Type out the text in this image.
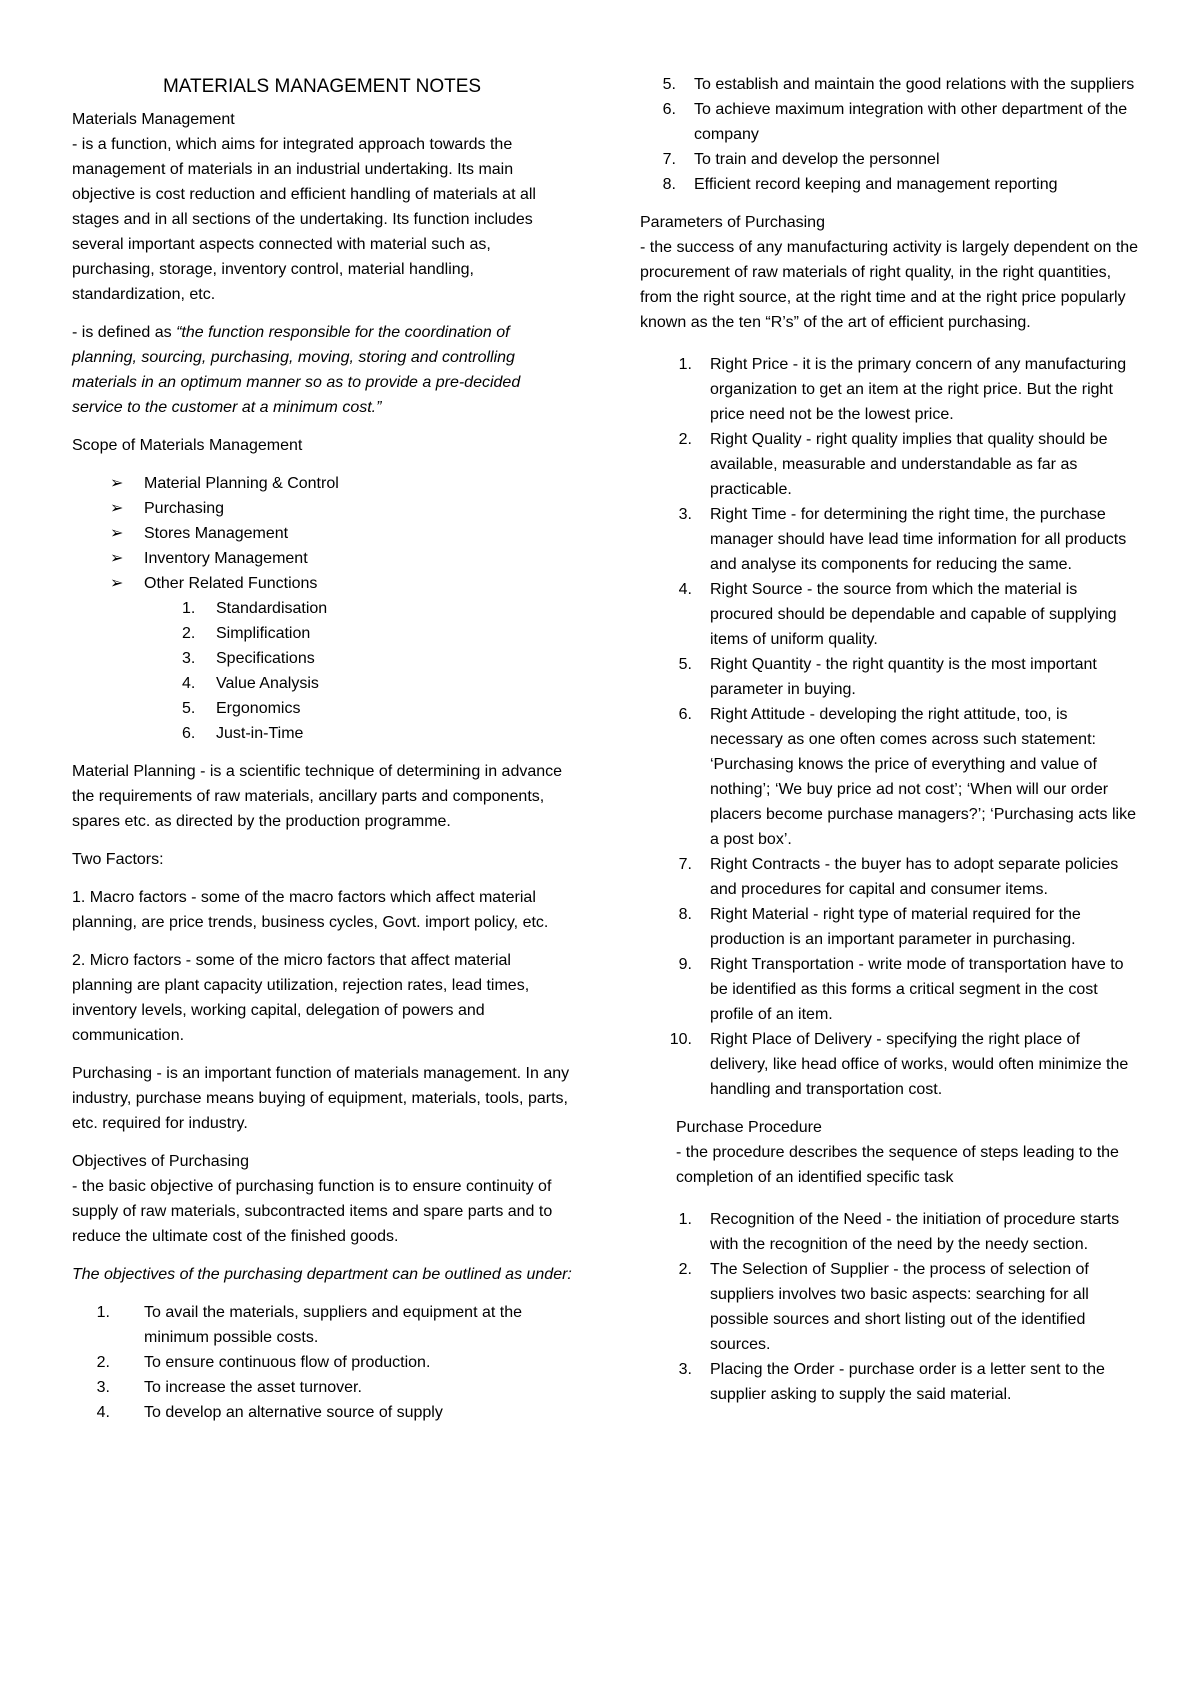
MATERIALS MANAGEMENT NOTES

Materials Management

- is a function, which aims for integrated approach towards the management of materials in an industrial undertaking. Its main objective is cost reduction and efficient handling of materials at all stages and in all sections of the undertaking. Its function includes several important aspects connected with material such as, purchasing, storage, inventory control, material handling, standardization, etc.

- is defined as “the function responsible for the coordination of planning, sourcing, purchasing, moving, storing and controlling materials in an optimum manner so as to provide a pre-decided service to the customer at a minimum cost.”

Scope of Materials Management

➢	Material Planning & Control
➢	Purchasing
➢	Stores Management
➢	Inventory Management
➢	Other Related Functions
1.	Standardisation
2.	Simplification
3.	Specifications
4.	Value Analysis
5.	Ergonomics
6.	Just-in-Time

Material Planning - is a scientific technique of determining in advance the requirements of raw materials, ancillary parts and components, spares etc. as directed by the production programme.

Two Factors:

1. Macro factors - some of the macro factors which affect material planning, are price trends, business cycles, Govt. import policy, etc.

2. Micro factors - some of the micro factors that affect material planning are plant capacity utilization, rejection rates, lead times, inventory levels, working capital, delegation of powers and communication.

Purchasing - is an important function of materials management. In any industry, purchase means buying of equipment, materials, tools, parts, etc. required for industry.

Objectives of Purchasing

- the basic objective of purchasing function is to ensure continuity of supply of raw materials, subcontracted items and spare parts and to reduce the ultimate cost of the finished goods.

The objectives of the purchasing department can be outlined as under:

1.	To avail the materials, suppliers and equipment at the minimum possible costs.
2.	To ensure continuous flow of production.
3.	To increase the asset turnover.
4.	To develop an alternative source of supply
5.	To establish and maintain the good relations with the suppliers
6.	To achieve maximum integration with other department of the company
7.	To train and develop the personnel
8.	Efficient record keeping and management reporting

Parameters of Purchasing

- the success of any manufacturing activity is largely dependent on the procurement of raw materials of right quality, in the right quantities, from the right source, at the right time and at the right price popularly known as the ten “R’s” of the art of efficient purchasing.

1.	Right Price - it is the primary concern of any manufacturing organization to get an item at the right price. But the right price need not be the lowest price.
2.	Right Quality - right quality implies that quality should be available, measurable and understandable as far as practicable.
3.	Right Time - for determining the right time, the purchase manager should have lead time information for all products and analyse its components for reducing the same.
4.	Right Source - the source from which the material is procured should be dependable and capable of supplying items of uniform quality.
5.	Right Quantity - the right quantity is the most important parameter in buying.
6.	Right Attitude - developing the right attitude, too, is necessary as one often comes across such statement: ‘Purchasing knows the price of everything and value of nothing’; ‘We buy price ad not cost’; ‘When will our order placers become purchase managers?’; ‘Purchasing acts like a post box’.
7.	Right Contracts - the buyer has to adopt separate policies and procedures for capital and consumer items.
8.	Right Material - right type of material required for the production is an important parameter in purchasing.
9.	Right Transportation - write mode of transportation have to be identified as this forms a critical segment in the cost profile of an item.
10.	Right Place of Delivery - specifying the right place of delivery, like head office of works, would often minimize the handling and transportation cost.

Purchase Procedure

- the procedure describes the sequence of steps leading to the completion of an identified specific task

1.	Recognition of the Need - the initiation of procedure starts with the recognition of the need by the needy section.
2.	The Selection of Supplier - the process of selection of suppliers involves two basic aspects: searching for all possible sources and short listing out of the identified sources.
3.	Placing the Order - purchase order is a letter sent to the supplier asking to supply the said material.
